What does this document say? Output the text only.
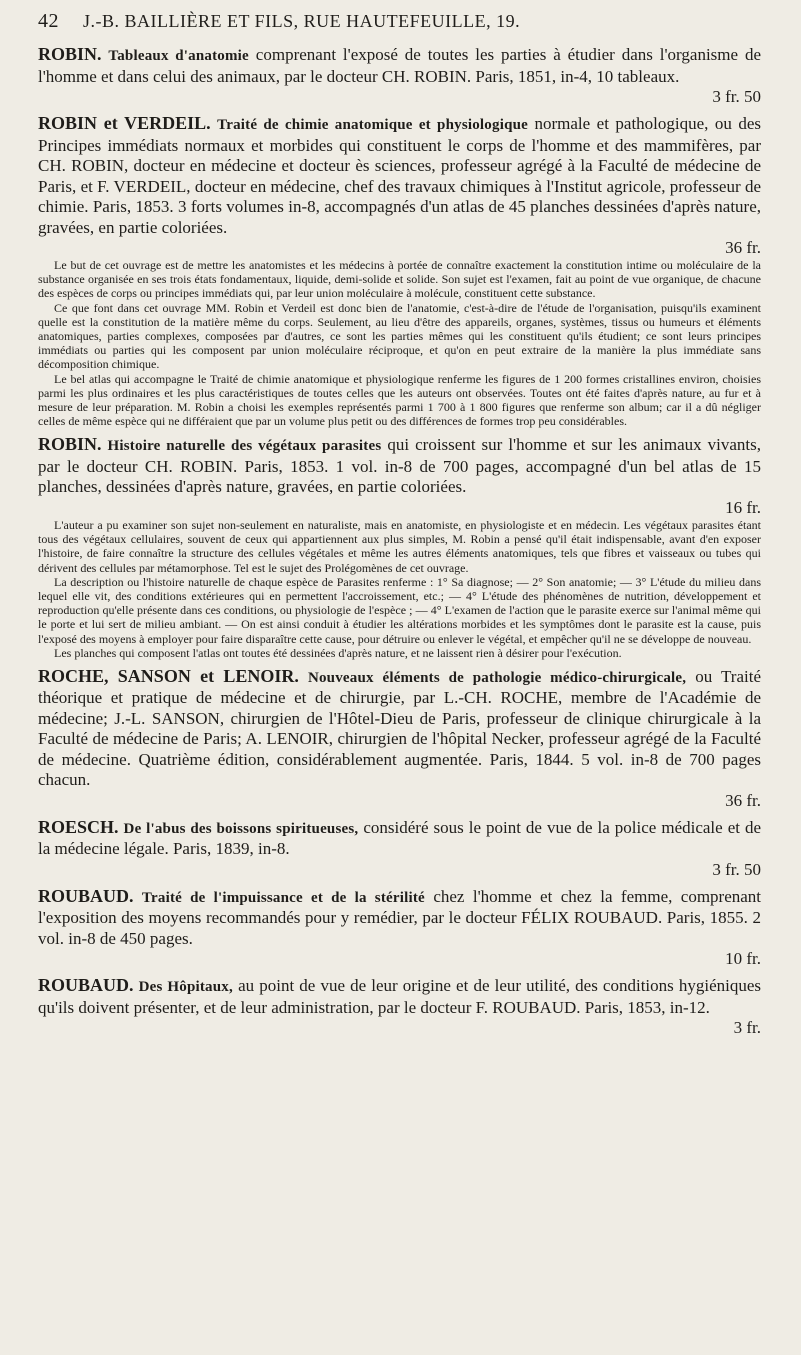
42 J.-B. BAILLIÈRE ET FILS, RUE HAUTEFEUILLE, 19.

ROBIN. Tableaux d'anatomie comprenant l'exposé de toutes les parties à étudier dans l'organisme de l'homme et dans celui des animaux, par le docteur CH. ROBIN. Paris, 1851, in-4, 10 tableaux.

3 fr. 50

ROBIN et VERDEIL. Traité de chimie anatomique et physiologique normale et pathologique, ou des Principes immédiats normaux et morbides qui constituent le corps de l'homme et des mammifères, par CH. ROBIN, docteur en médecine et docteur ès sciences, professeur agrégé à la Faculté de médecine de Paris, et F. VERDEIL, docteur en médecine, chef des travaux chimiques à l'Institut agricole, professeur de chimie. Paris, 1853. 3 forts volumes in-8, accompagnés d'un atlas de 45 planches dessinées d'après nature, gravées, en partie coloriées.

36 fr.

Le but de cet ouvrage est de mettre les anatomistes et les médecins à portée de connaître exactement la constitution intime ou moléculaire de la substance organisée en ses trois états fondamentaux, liquide, demi-solide et solide. Son sujet est l'examen, fait au point de vue organique, de chacune des espèces de corps ou principes immédiats qui, par leur union moléculaire à molécule, constituent cette substance.

Ce que font dans cet ouvrage MM. Robin et Verdeil est donc bien de l'anatomie, c'est-à-dire de l'étude de l'organisation, puisqu'ils examinent quelle est la constitution de la matière même du corps. Seulement, au lieu d'être des appareils, organes, systèmes, tissus ou humeurs et éléments anatomiques, parties complexes, composées par d'autres, ce sont les parties mêmes qui les constituent qu'ils étudient; ce sont leurs principes immédiats ou parties qui les composent par union moléculaire réciproque, et qu'on en peut extraire de la manière la plus immédiate sans décomposition chimique.

Le bel atlas qui accompagne le Traité de chimie anatomique et physiologique renferme les figures de 1 200 formes cristallines environ, choisies parmi les plus ordinaires et les plus caractéristiques de toutes celles que les auteurs ont observées. Toutes ont été faites d'après nature, au fur et à mesure de leur préparation. M. Robin a choisi les exemples représentés parmi 1 700 à 1 800 figures que renferme son album; car il a dû négliger celles de même espèce qui ne différaient que par un volume plus petit ou des différences de formes trop peu considérables.

ROBIN. Histoire naturelle des végétaux parasites qui croissent sur l'homme et sur les animaux vivants, par le docteur CH. ROBIN. Paris, 1853. 1 vol. in-8 de 700 pages, accompagné d'un bel atlas de 15 planches, dessinées d'après nature, gravées, en partie coloriées.

16 fr.

L'auteur a pu examiner son sujet non-seulement en naturaliste, mais en anatomiste, en physiologiste et en médecin. Les végétaux parasites étant tous des végétaux cellulaires, souvent de ceux qui appartiennent aux plus simples, M. Robin a pensé qu'il était indispensable, avant d'en exposer l'histoire, de faire connaître la structure des cellules végétales et même les autres éléments anatomiques, tels que fibres et vaisseaux ou tubes qui dérivent des cellules par métamorphose. Tel est le sujet des Prolégomènes de cet ouvrage.

La description ou l'histoire naturelle de chaque espèce de Parasites renferme : 1° Sa diagnose; — 2° Son anatomie; — 3° L'étude du milieu dans lequel elle vit, des conditions extérieures qui en permettent l'accroissement, etc.; — 4° L'étude des phénomènes de nutrition, développement et reproduction qu'elle présente dans ces conditions, ou physiologie de l'espèce ; — 4° L'examen de l'action que le parasite exerce sur l'animal même qui le porte et lui sert de milieu ambiant. — On est ainsi conduit à étudier les altérations morbides et les symptômes dont le parasite est la cause, puis l'exposé des moyens à employer pour faire disparaître cette cause, pour détruire ou enlever le végétal, et empêcher qu'il ne se développe de nouveau.

Les planches qui composent l'atlas ont toutes été dessinées d'après nature, et ne laissent rien à désirer pour l'exécution.

ROCHE, SANSON et LENOIR. Nouveaux éléments de pathologie médico-chirurgicale, ou Traité théorique et pratique de médecine et de chirurgie, par L.-CH. ROCHE, membre de l'Académie de médecine; J.-L. SANSON, chirurgien de l'Hôtel-Dieu de Paris, professeur de clinique chirurgicale à la Faculté de médecine de Paris; A. LENOIR, chirurgien de l'hôpital Necker, professeur agrégé de la Faculté de médecine. Quatrième édition, considérablement augmentée. Paris, 1844. 5 vol. in-8 de 700 pages chacun.

36 fr.

ROESCH. De l'abus des boissons spiritueuses, considéré sous le point de vue de la police médicale et de la médecine légale. Paris, 1839, in-8.

3 fr. 50

ROUBAUD. Traité de l'impuissance et de la stérilité chez l'homme et chez la femme, comprenant l'exposition des moyens recommandés pour y remédier, par le docteur FÉLIX ROUBAUD. Paris, 1855. 2 vol. in-8 de 450 pages.

10 fr.

ROUBAUD. Des Hôpitaux, au point de vue de leur origine et de leur utilité, des conditions hygiéniques qu'ils doivent présenter, et de leur administration, par le docteur F. ROUBAUD. Paris, 1853, in-12.

3 fr.
